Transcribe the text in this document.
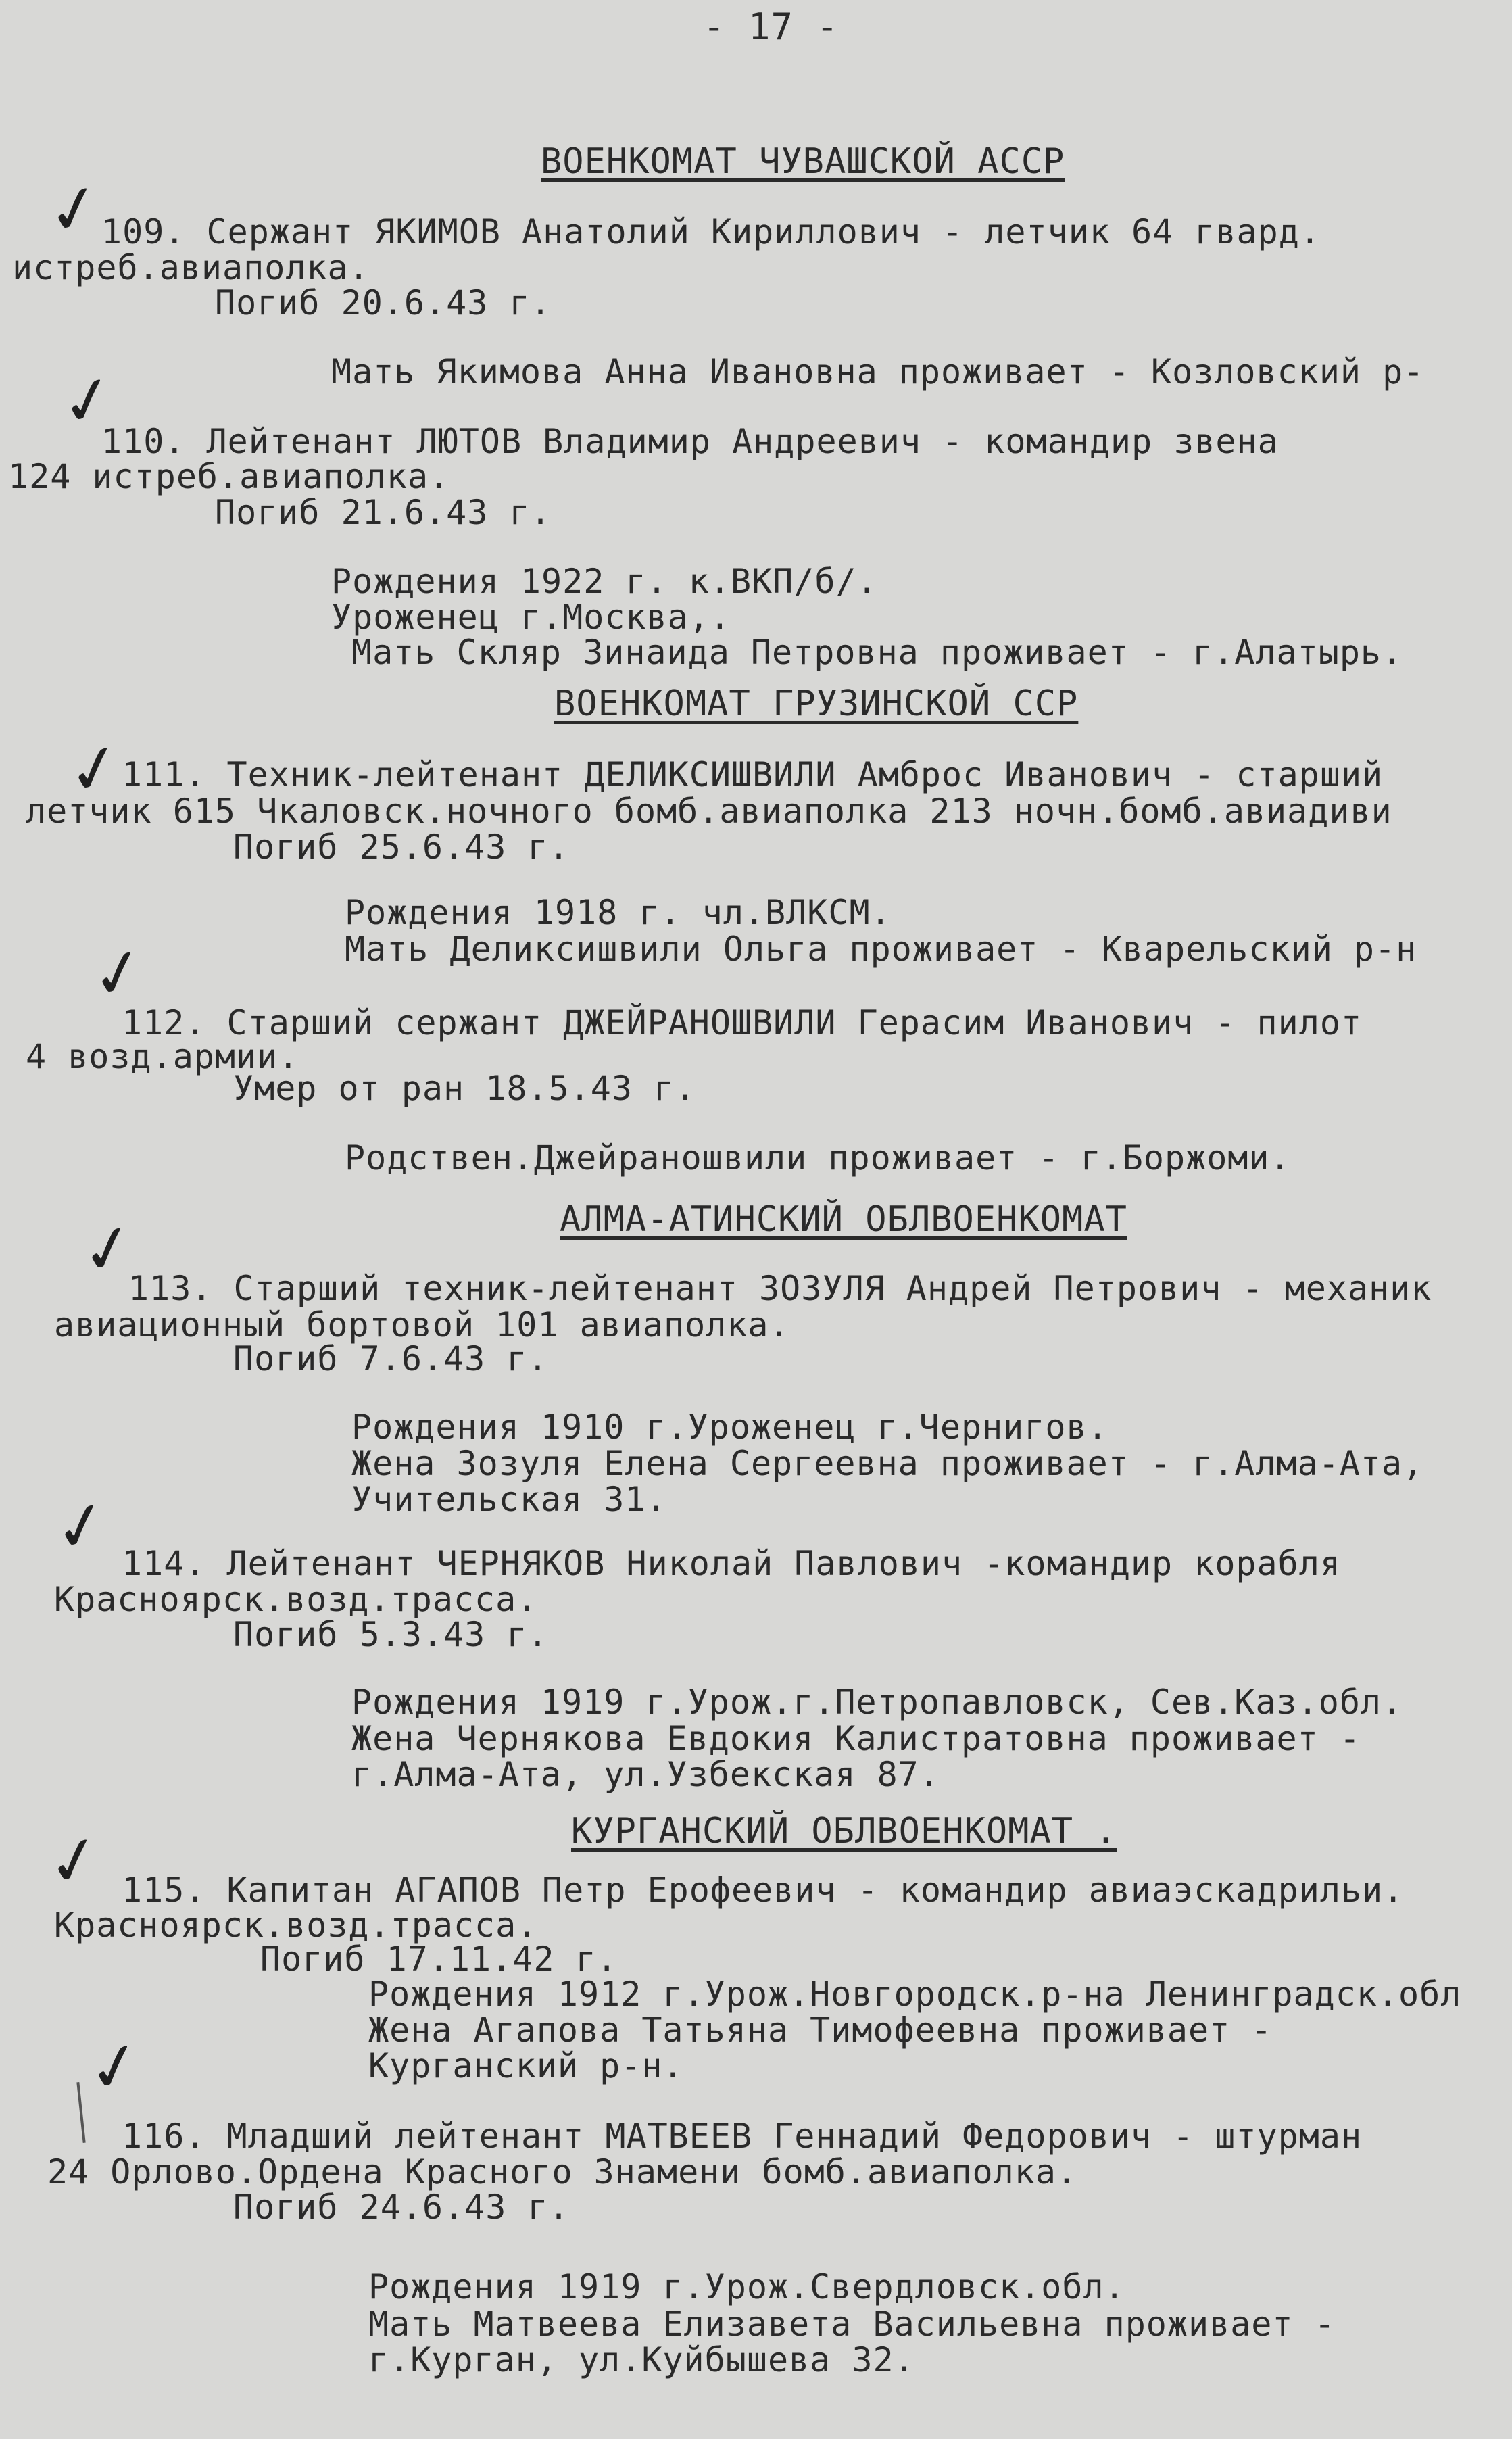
- 17 -
ВОЕНКОМАТ ЧУВАШСКОЙ АССР
✓
109. Сержант ЯКИМОВ Анатолий Кириллович - летчик 64 гвард.
истреб.авиаполка.
Погиб 20.6.43 г.
Мать Якимова Анна Ивановна проживает - Козловский р-
✓
110. Лейтенант ЛЮТОВ Владимир Андреевич - командир звена
124 истреб.авиаполка.
Погиб 21.6.43 г.
Рождения 1922 г. к.ВКП/б/.
Уроженец г.Москва,.
Мать Скляр Зинаида Петровна проживает - г.Алатырь.
ВОЕНКОМАТ ГРУЗИНСКОЙ ССР
✓
111. Техник-лейтенант ДЕЛИКСИШВИЛИ Амброс Иванович - старший
летчик 615 Чкаловск.ночного бомб.авиаполка 213 ночн.бомб.авиадиви
Погиб 25.6.43 г.
Рождения 1918 г. чл.ВЛКСМ.
Мать Деликсишвили Ольга проживает - Кварельский р-н
✓
112. Старший сержант ДЖЕЙРАНОШВИЛИ Герасим Иванович - пилот
4 возд.армии.
Умер от ран 18.5.43 г.
Родствен.Джейраношвили проживает - г.Боржоми.
АЛМА-АТИНСКИЙ ОБЛВОЕНКОМАТ
✓
113. Старший техник-лейтенант ЗОЗУЛЯ Андрей Петрович - механик
авиационный бортовой 101 авиаполка.
Погиб 7.6.43 г.
Рождения 1910 г.Уроженец г.Чернигов.
Жена Зозуля Елена Сергеевна проживает - г.Алма-Ата,
Учительская 31.
✓ 114. Лейтенант ЧЕРНЯКОВ Николай Павлович -командир корабля
Красноярск.возд.трасса.
Погиб 5.3.43 г.
Рождения 1919 г.Урож.г.Петропавловск, Сев.Каз.обл.
Жена Чернякова Евдокия Калистратовна проживает -
г.Алма-Ата, ул.Узбекская 87.
КУРГАНСКИЙ ОБЛВОЕНКОМАТ .
✓ 115. Капитан АГАПОВ Петр Ерофеевич - командир авиаэскадрильи.
Красноярск.возд.трасса.
Погиб 17.11.42 г.
Рождения 1912 г.Урож.Новгородск.р-на Ленинградск.обл
Жена Агапова Татьяна Тимофеевна проживает -
Курганский р-н.
✓
116. Младший лейтенант МАТВЕЕВ Геннадий Федорович - штурман
24 Орлово.Ордена Красного Знамени бомб.авиаполка.
Погиб 24.6.43 г.
Рождения 1919 г.Урож.Свердловск.обл.
Мать Матвеева Елизавета Васильевна проживает -
г.Курган, ул.Куйбышева 32.
